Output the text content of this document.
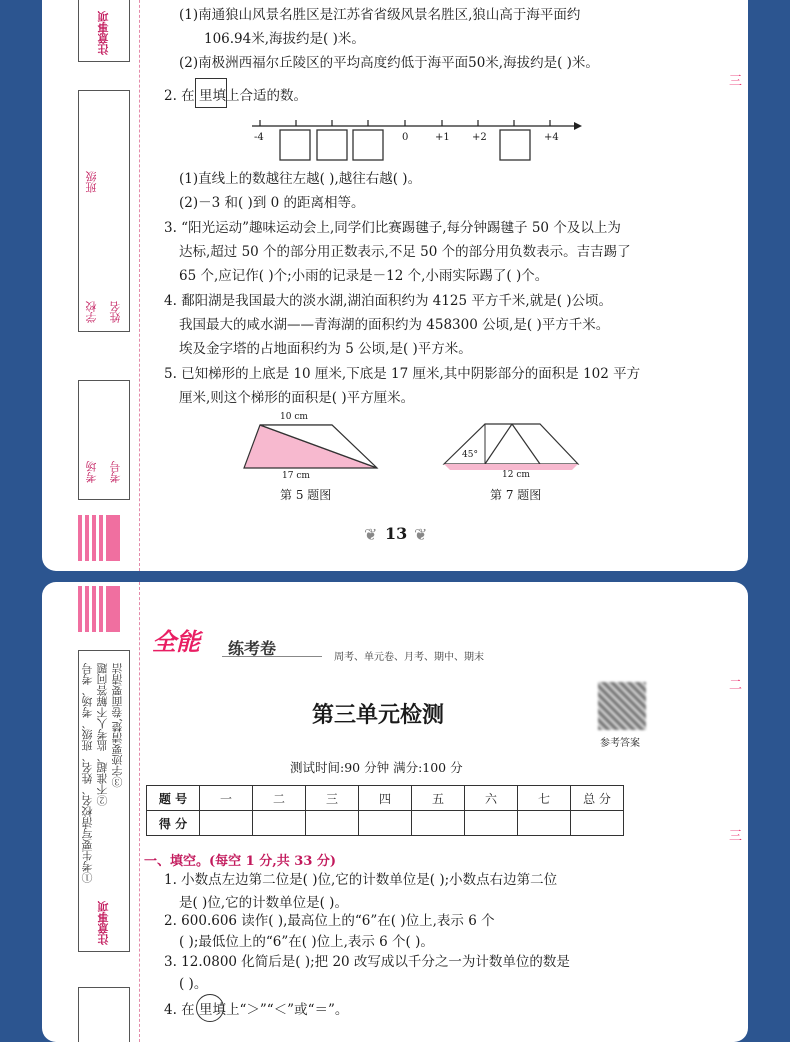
注意事项
班级
学校 姓名
考场 考号
三
(1)南通狼山风景名胜区是江苏省省级风景名胜区,狼山高于海平面约
106.94米,海拔约是( )米。
(2)南极洲西福尔丘陵区的平均高度约低于海平面50米,海拔约是( )米。
2. 在 里填上合适的数。
-4	0	+1 +2	+4
(1)直线上的数越往左越( ),越往右越( )。
(2)－3 和( )到 0 的距离相等。
3. “阳光运动”趣味运动会上,同学们比赛踢毽子,每分钟踢毽子 50 个及以上为
达标,超过 50 个的部分用正数表示,不足 50 个的部分用负数表示。吉吉踢了
65 个,应记作( )个;小雨的记录是－12 个,小雨实际踢了( )个。
4. 鄱阳湖是我国最大的淡水湖,湖泊面积约为 4125 平方千米,就是( )公顷。
我国最大的咸水湖——青海湖的面积约为 458300 公顷,是( )平方千米。
埃及金字塔的占地面积约为 5 公顷,是( )平方米。
5. 已知梯形的上底是 10 厘米,下底是 17 厘米,其中阴影部分的面积是 102 平方
厘米,则这个梯形的面积是( )平方厘米。
10 cm
17 cm
第 5 题图
45°
12 cm
第 7 题图
❦ 13 ❦
①考生要写清校名、姓名、班级、考场、考号 ②不准超、监考人不解答问题 ③字迹要清楚,卷面要清洁
注意事项
二
三
全能 练考卷	周考、单元卷、月考、期中、期末
第三单元检测
参考答案
测试时间:90 分钟 满分:100 分
题 号	一	二	三	四	五	六	七	总 分
得 分								
一、填空。(每空 1 分,共 33 分)
1. 小数点左边第二位是( )位,它的计数单位是( );小数点右边第二位
是( )位,它的计数单位是( )。
2. 600.606 读作( ),最高位上的“6”在( )位上,表示 6 个
( );最低位上的“6”在( )位上,表示 6 个( )。
3. 12.0800 化简后是( );把 20 改写成以千分之一为计数单位的数是
( )。
4. 在 里填上“＞”“＜”或“＝”。
